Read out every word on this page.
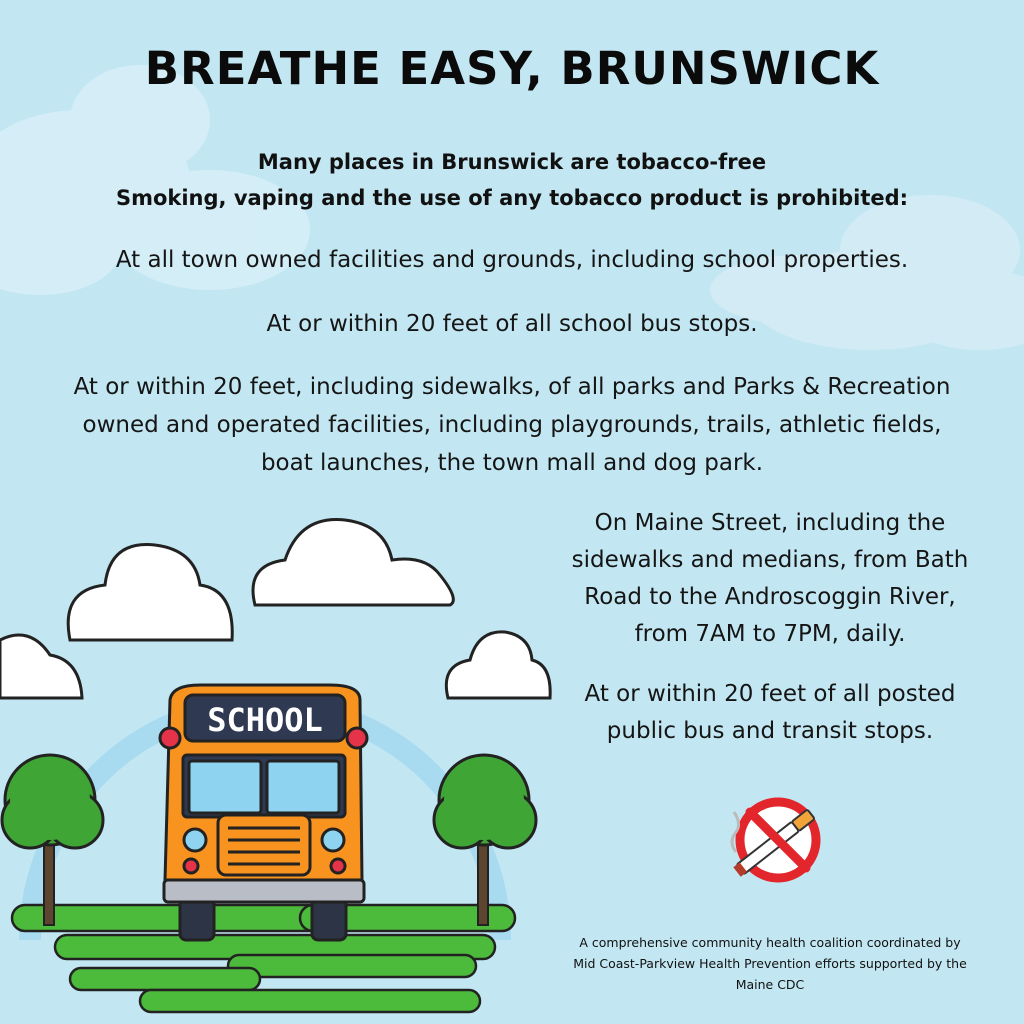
SCHOOL
BREATHE EASY, BRUNSWICK
Many places in Brunswick are tobacco-free
Smoking, vaping and the use of any tobacco product is prohibited:
At all town owned facilities and grounds, including school properties.
At or within 20 feet of all school bus stops.
At or within 20 feet, including sidewalks, of all parks and Parks & Recreation
owned and operated facilities, including playgrounds, trails, athletic fields,
boat launches, the town mall and dog park.
On Maine Street, including the
sidewalks and medians, from Bath
Road to the Androscoggin River,
from 7AM to 7PM, daily.
At or within 20 feet of all posted
public bus and transit stops.
A comprehensive community health coalition coordinated by
Mid Coast-Parkview Health Prevention efforts supported by the
Maine CDC
